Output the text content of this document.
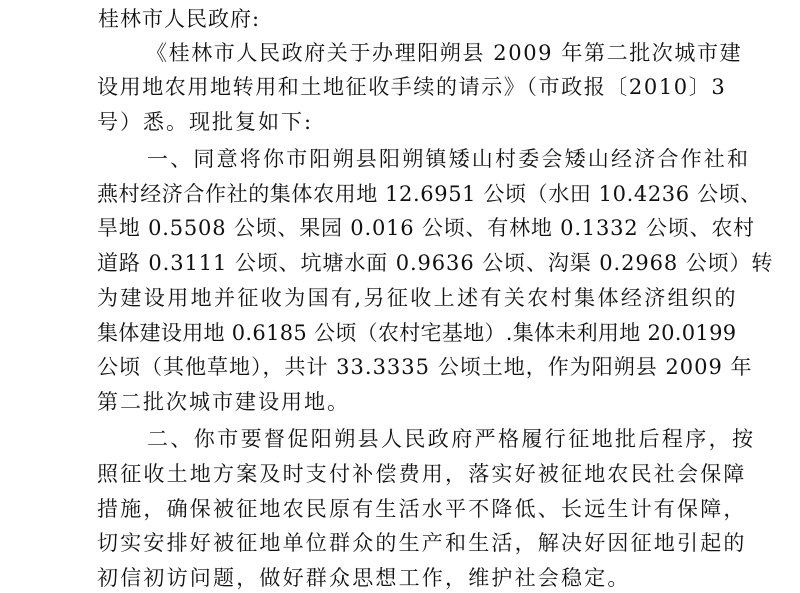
桂林市人民政府:
《桂林市人民政府关于办理阳朔县 2009 年第二批次城市建
设用地农用地转用和土地征收手续的请示》（市政报〔2010〕3
号）悉。现批复如下:
一、同意将你市阳朔县阳朔镇矮山村委会矮山经济合作社和
燕村经济合作社的集体农用地 12.6951 公顷（水田 10.4236 公顷、
旱地 0.5508 公顷、果园 0.016 公顷、有林地 0.1332 公顷、农村
道路 0.3111 公顷、坑塘水面 0.9636 公顷、沟渠 0.2968 公顷）转
为建设用地并征收为国有,另征收上述有关农村集体经济组织的
集体建设用地 0.6185 公顷（农村宅基地）.集体未利用地 20.0199
公顷（其他草地），共计 33.3335 公顷土地，作为阳朔县 2009 年
第二批次城市建设用地。
二、你市要督促阳朔县人民政府严格履行征地批后程序，按
照征收土地方案及时支付补偿费用，落实好被征地农民社会保障
措施，确保被征地农民原有生活水平不降低、长远生计有保障，
切实安排好被征地单位群众的生产和生活，解决好因征地引起的
初信初访问题，做好群众思想工作，维护社会稳定。
